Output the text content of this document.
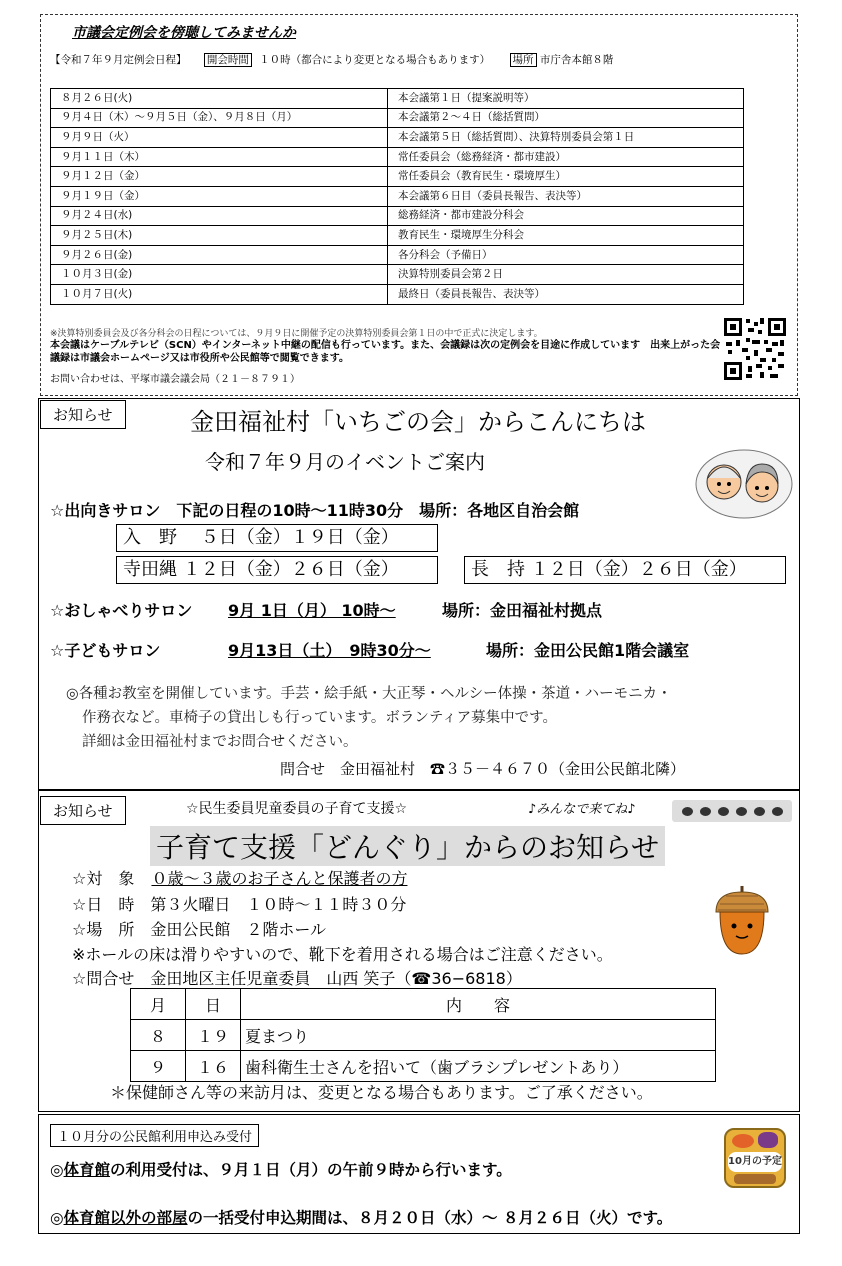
市議会定例会を傍聴してみませんか
【令和７年９月定例会日程】 開会時間 １０時（都合により変更となる場合もあります） 場所 市庁舎本館８階
８月２６日(火)	本会議第１日（提案説明等）
９月４日（木）～９月５日（金）、９月８日（月）	本会議第２～４日（総括質問）
９月９日（火）	本会議第５日（総括質問）、決算特別委員会第１日
９月１１日（木）	常任委員会（総務経済・都市建設）
９月１２日（金）	常任委員会（教育民生・環境厚生）
９月１９日（金）	本会議第６日目（委員長報告、表決等）
９月２４日(水)	総務経済・都市建設分科会
９月２５日(木)	教育民生・環境厚生分科会
９月２６日(金)	各分科会（予備日）
１０月３日(金)	決算特別委員会第２日
１０月７日(火)	最終日（委員長報告、表決等）
※決算特別委員会及び各分科会の日程については、９月９日に開催予定の決算特別委員会第１日の中で正式に決定します。
本会議はケーブルテレビ（SCN）やインターネット中継の配信も行っています。また、会議録は次の定例会を目途に作成しています　出来上がった会議録は市議会ホームページ又は市役所や公民館等で閲覧できます。
お問い合わせは、平塚市議会議会局（２１－８７９１）
お知らせ	金田福祉村「いちごの会」からこんにちは
令和７年９月のイベントご案内
☆出向きサロン　下記の日程の10時～11時30分　場所：各地区自治会館
入　野　 ５日（金）１９日（金）
寺田縄 １２日（金）２６日（金）	長　持 １２日（金）２６日（金）
☆おしゃべりサロン 9月 1日（月） 10時～	場所：金田福祉村拠点
☆子どもサロン	9月13日（土）　9時30分～	場所：金田公民館1階会議室
◎各種お教室を開催しています。手芸・絵手紙・大正琴・ヘルシー体操・茶道・ハーモニカ・
作務衣など。車椅子の貸出しも行っています。ボランティア募集中です。
詳細は金田福祉村までお問合せください。
問合せ　金田福祉村　☎３５－４６７０（金田公民館北隣）
お知らせ	☆民生委員児童委員の子育て支援☆	♪みんなで来てね♪
子育て支援「どんぐり」からのお知らせ
☆対　象 ０歳～３歳のお子さんと保護者の方
☆日　時　第３火曜日　１０時～１１時３０分
☆場　所　金田公民館　２階ホール
※ホールの床は滑りやすいので、靴下を着用される場合はご注意ください。
☆問合せ　金田地区主任児童委員　山西 笑子（☎36−6818）
月	日	内　　容
８	１９	夏まつり
９	１６	歯科衛生士さんを招いて（歯ブラシプレゼントあり）
＊保健師さん等の来訪月は、変更となる場合もあります。ご了承ください。
１０月分の公民館利用申込み受付
◎体育館の利用受付は、９月１日（月）の午前９時から行います。
◎体育館以外の部屋の一括受付申込期間は、８月２０日（水）～ ８月２６日（火）です。
10月の予定
